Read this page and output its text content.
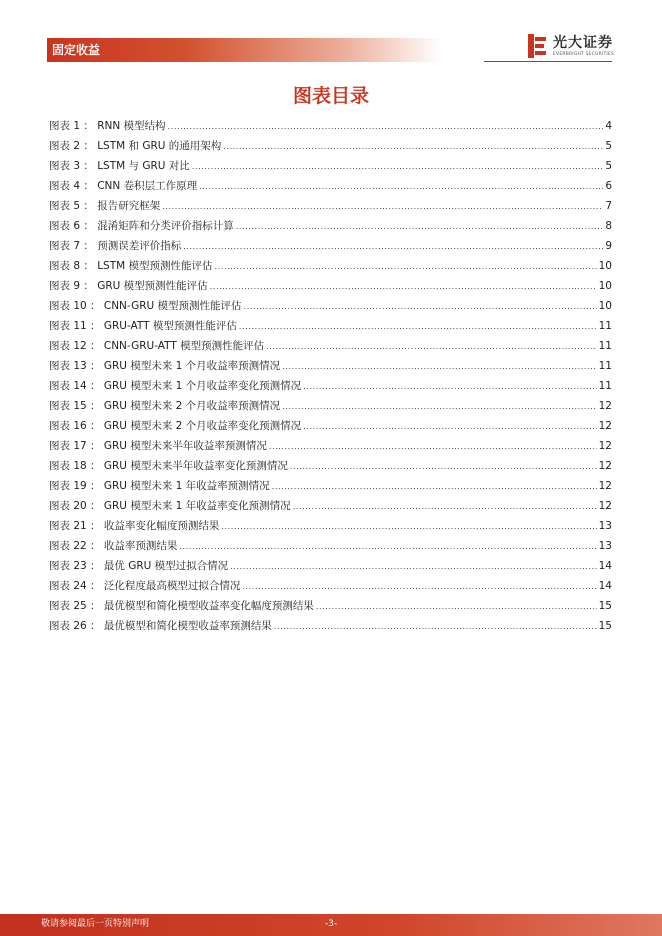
固定收益	光大证券
EVERBRIGHT SECURITIES
图表目录
图表 1 ： RNN 模型结构 .....	4
图表 2 ： LSTM 和 GRU 的通用架构 .....	5
图表 3 ： LSTM 与 GRU 对比 .....	5
图表 4 ： CNN 卷积层工作原理 .....	6
图表 5 ： 报告研究框架 .....	7
图表 6 ： 混淆矩阵和分类评价指标计算 .....	8
图表 7 ： 预测误差评价指标 .....	9
图表 8 ： LSTM 模型预测性能评估 .....	10
图表 9 ： GRU 模型预测性能评估 .....	10
图表 10 ： CNN-GRU 模型预测性能评估 .....	10
图表 11 ： GRU-ATT 模型预测性能评估 .....	11
图表 12 ： CNN-GRU-ATT 模型预测性能评估 .....	11
图表 13 ： GRU 模型未来 1 个月收益率预测情况 .....	11
图表 14 ： GRU 模型未来 1 个月收益率变化预测情况 .....	11
图表 15 ： GRU 模型未来 2 个月收益率预测情况 .....	12
图表 16 ： GRU 模型未来 2 个月收益率变化预测情况 .....	12
图表 17 ： GRU 模型未来半年收益率预测情况 .....	12
图表 18 ： GRU 模型未来半年收益率变化预测情况 .....	12
图表 19 ： GRU 模型未来 1 年收益率预测情况 .....	12
图表 20 ： GRU 模型未来 1 年收益率变化预测情况 .....	12
图表 21 ： 收益率变化幅度预测结果 .....	13
图表 22 ： 收益率预测结果 .....	13
图表 23 ： 最优 GRU 模型过拟合情况 .....	14
图表 24 ： 泛化程度最高模型过拟合情况 .....	14
图表 25 ： 最优模型和简化模型收益率变化幅度预测结果 .....	15
图表 26 ： 最优模型和简化模型收益率预测结果 .....	15
敬请参阅最后一页特别声明	-3-
